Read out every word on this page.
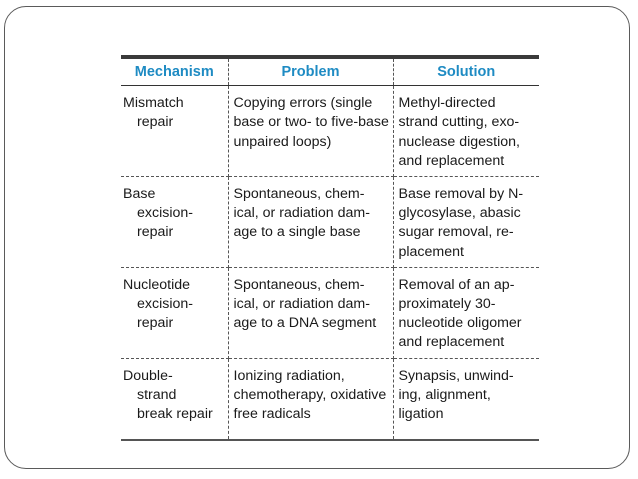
Mechanism	Problem	Solution

Mismatch
repair	Copying errors (single base or two- to five-base unpaired loops)	Methyl-directed strand cutting, exo-nuclease digestion, and replacement

Base
excision-
repair	Spontaneous, chem-ical, or radiation dam-age to a single base	Base removal by N-glycosylase, abasic sugar removal, re-placement

Nucleotide
excision-
repair	Spontaneous, chem-ical, or radiation dam-age to a DNA segment	Removal of an ap-proximately 30-nucleotide oligomer and replacement

Double-
strand
break repair	Ionizing radiation, chemotherapy, oxidative free radicals	Synapsis, unwind-ing, alignment, ligation
